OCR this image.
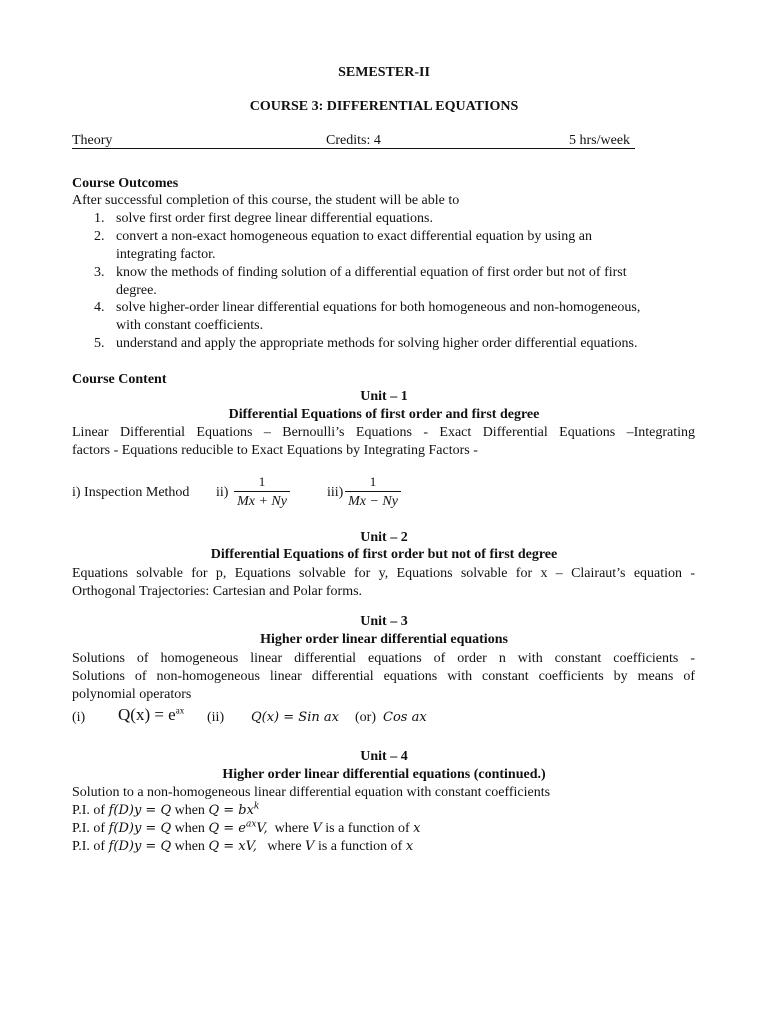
SEMESTER-II
COURSE 3: DIFFERENTIAL EQUATIONS
Theory	Credits: 4	5 hrs/week
Course Outcomes
After successful completion of this course, the student will be able to
1. solve first order first degree linear differential equations.
2. convert a non-exact homogeneous equation to exact differential equation by using an
integrating factor.
3. know the methods of finding solution of a differential equation of first order but not of first
degree.
4. solve higher-order linear differential equations for both homogeneous and non-homogeneous,
with constant coefficients.
5. understand and apply the appropriate methods for solving higher order differential equations.
Course Content
Unit – 1
Differential Equations of first order and first degree
Linear Differential Equations – Bernoulli’s Equations - Exact Differential Equations –Integrating
factors - Equations reducible to Exact Equations by Integrating Factors -
i) Inspection Method ii)
1
Mx + Ny
iii)
1
Mx − Ny
Unit – 2
Differential Equations of first order but not of first degree
Equations solvable for p, Equations solvable for y, Equations solvable for x – Clairaut’s equation -
Orthogonal Trajectories: Cartesian and Polar forms.
Unit – 3
Higher order linear differential equations
Solutions of homogeneous linear differential equations of order n with constant coefficients -
Solutions of non-homogeneous linear differential equations with constant coefficients by means of
polynomial operators
(i) $Q(x) = e^{ax}$ (ii) Q(x) = Sin ax (or) Cos ax
Unit – 4
Higher order linear differential equations (continued.)
Solution to a non-homogeneous linear differential equation with constant coefficients
P.I. of f(D)y = Q when $Q = bx^k$
P.I. of f(D)y = Q when $Q = e^{ax}V$, where V is a function of x
P.I. of f(D)y = Q when Q = xV, where V is a function of x
